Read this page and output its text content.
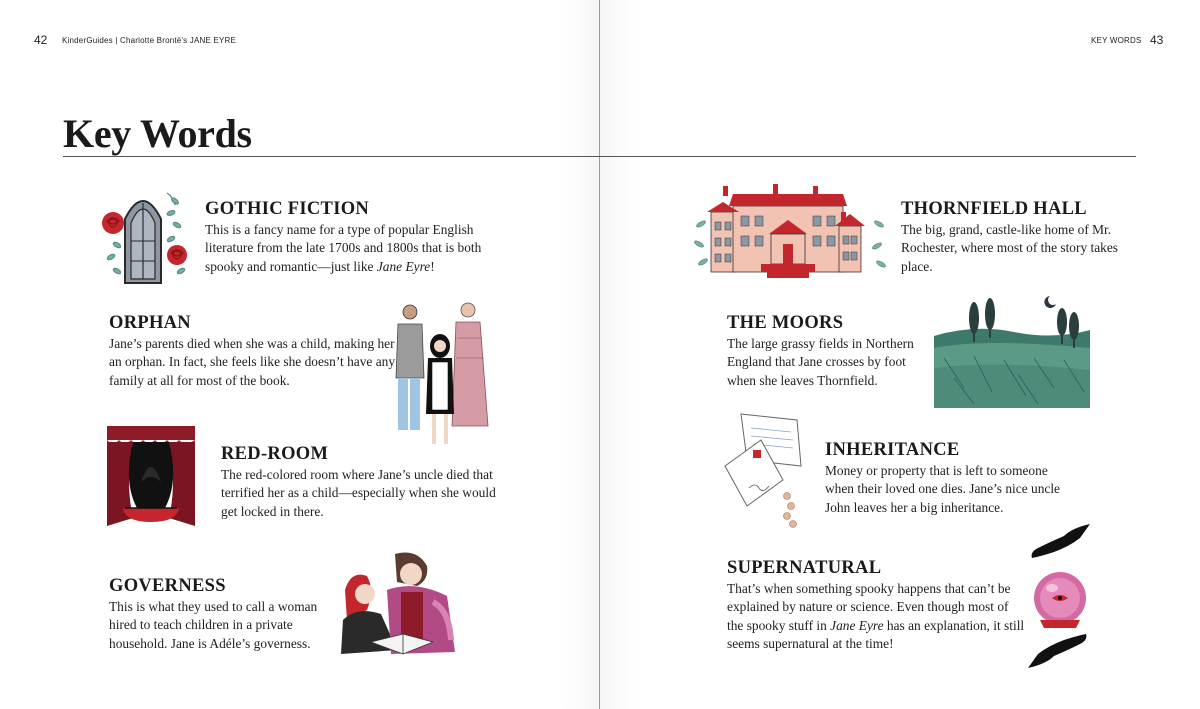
42 KinderGuides | Charlotte Brontë's JANE EYRE	KEY WORDS 43
Key Words
GOTHIC FICTION

This is a fancy name for a type of popular English literature from the late 1700s and 1800s that is both spooky and romantic—just like Jane Eyre!

ORPHAN

Jane’s parents died when she was a child, making her an orphan. In fact, she feels like she doesn’t have any family at all for most of the book.

RED-ROOM

The red-colored room where Jane’s uncle died that terrified her as a child—especially when she would get locked in there.

GOVERNESS

This is what they used to call a woman hired to teach children in a private household. Jane is Adéle’s governess.

THORNFIELD HALL

The big, grand, castle-like home of Mr. Rochester, where most of the story takes place.

THE MOORS

The large grassy fields in Northern England that Jane crosses by foot when she leaves Thornfield.

INHERITANCE

Money or property that is left to someone when their loved one dies. Jane’s nice uncle John leaves her a big inheritance.

SUPERNATURAL

That’s when something spooky happens that can’t be explained by nature or science. Even though most of the spooky stuff in Jane Eyre has an explanation, it still seems supernatural at the time!
